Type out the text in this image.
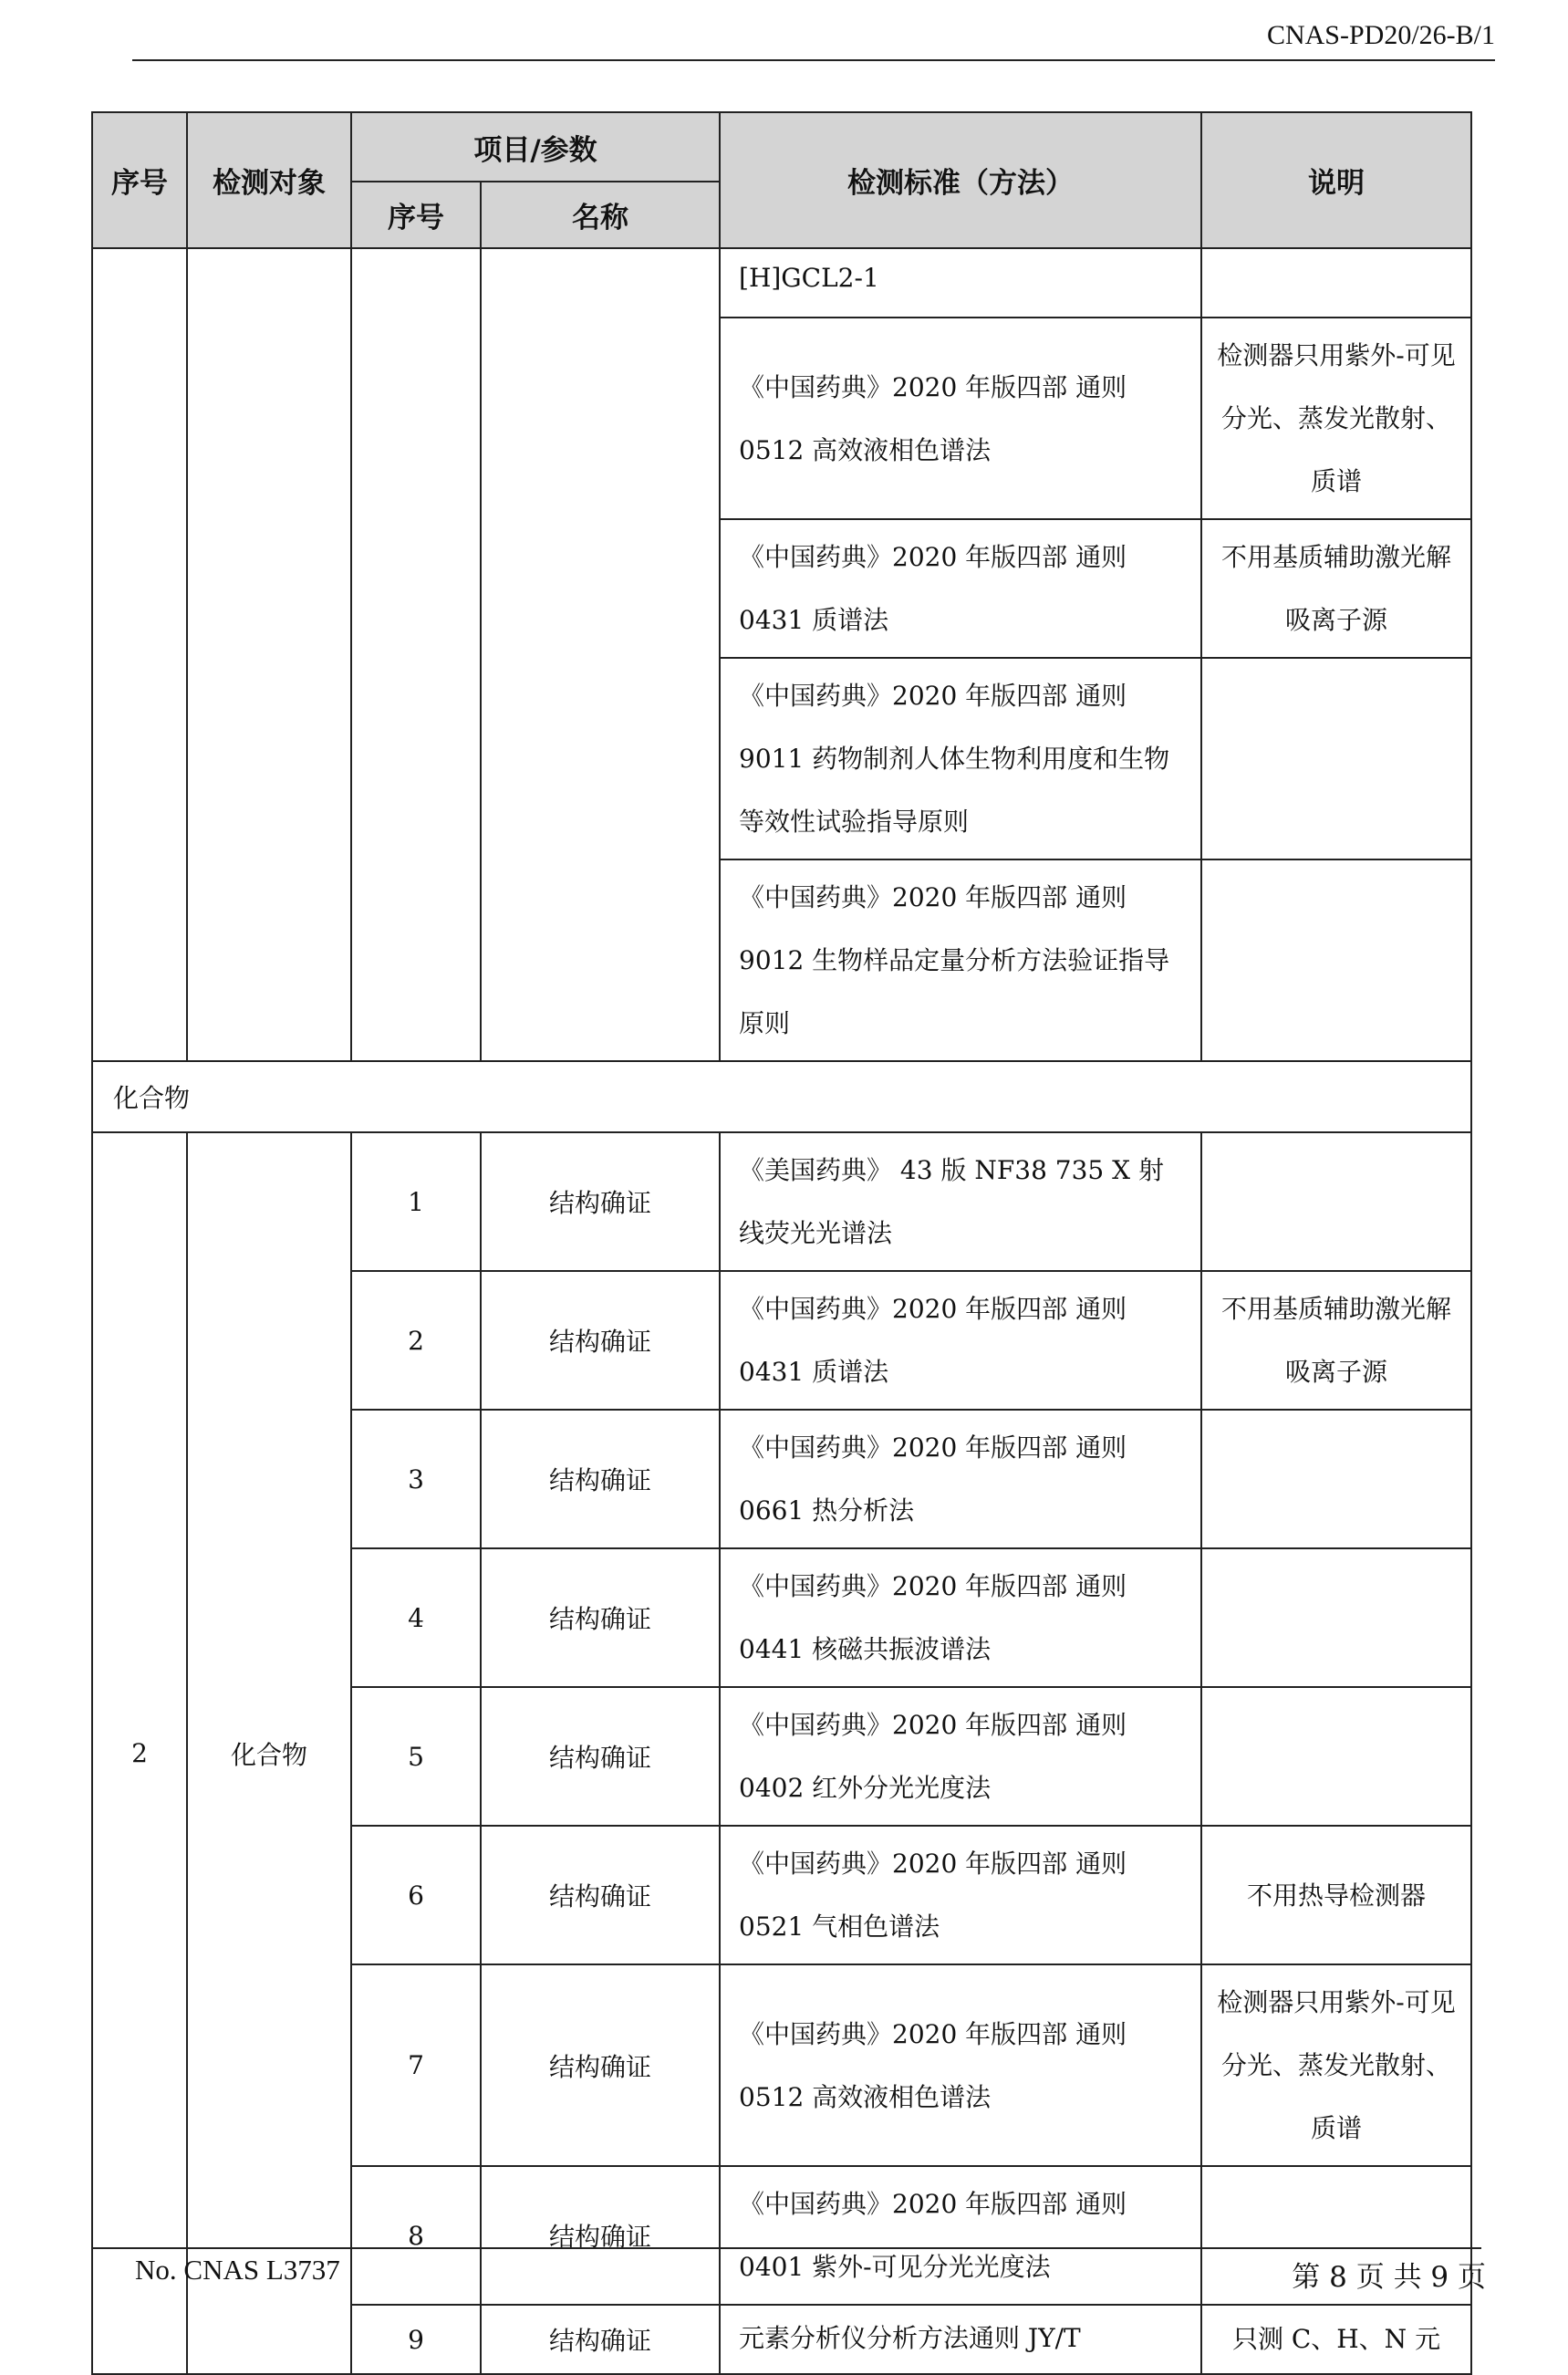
CNAS-PD20/26-B/1
序号	检测对象	项目/参数		检测标准（方法）	说明
		序号	名称		
				[H]GCL2-1	
				《中国药典》2020 年版四部 通则 0512 高效液相色谱法	检测器只用紫外-可见分光、蒸发光散射、质谱
				《中国药典》2020 年版四部 通则 0431 质谱法	不用基质辅助激光解吸离子源
				《中国药典》2020 年版四部 通则 9011 药物制剂人体生物利用度和生物等效性试验指导原则	
				《中国药典》2020 年版四部 通则 9012 生物样品定量分析方法验证指导原则	
化合物					
2	化合物	1	结构确证	《美国药典》 43 版 NF38 735 X 射线荧光光谱法	
		2	结构确证	《中国药典》2020 年版四部 通则 0431 质谱法	不用基质辅助激光解吸离子源
		3	结构确证	《中国药典》2020 年版四部 通则 0661 热分析法	
		4	结构确证	《中国药典》2020 年版四部 通则 0441 核磁共振波谱法	
		5	结构确证	《中国药典》2020 年版四部 通则 0402 红外分光光度法	
		6	结构确证	《中国药典》2020 年版四部 通则 0521 气相色谱法	不用热导检测器
		7	结构确证	《中国药典》2020 年版四部 通则 0512 高效液相色谱法	检测器只用紫外-可见分光、蒸发光散射、质谱
		8	结构确证	《中国药典》2020 年版四部 通则 0401 紫外-可见分光光度法	
		9	结构确证	元素分析仪分析方法通则 JY/T	只测 C、H、N 元
No. CNAS L3737	第 8 页 共 9 页
